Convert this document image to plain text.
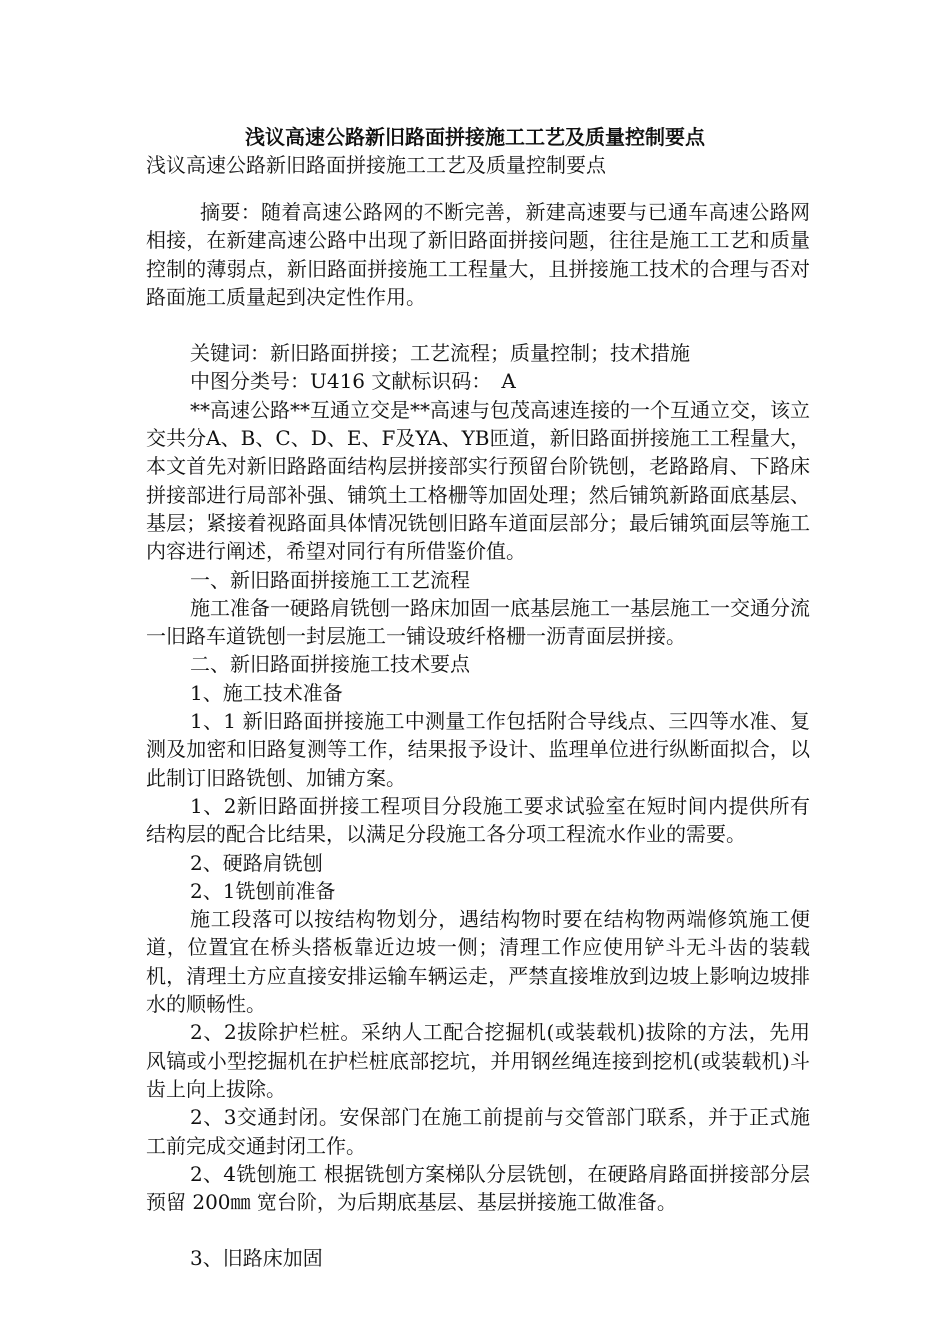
浅议高速公路新旧路面拼接施工工艺及质量控制要点
浅议高速公路新旧路面拼接施工工艺及质量控制要点

摘要：随着高速公路网的不断完善，新建高速要与已通车高速公路网相接，在新建高速公路中出现了新旧路面拼接问题，往往是施工工艺和质量控制的薄弱点，新旧路面拼接施工工程量大，且拼接施工技术的合理与否对路面施工质量起到决定性作用。

关键词：新旧路面拼接；工艺流程；质量控制；技术措施

中图分类号：U416 文献标识码：　A

**高速公路**互通立交是**高速与包茂高速连接的一个互通立交，该立交共分A、B、C、D、E、F及YA、YB匝道，新旧路面拼接施工工程量大，本文首先对新旧路路面结构层拼接部实行预留台阶铣刨，老路路肩、下路床拼接部进行局部补强、铺筑土工格栅等加固处理；然后铺筑新路面底基层、基层；紧接着视路面具体情况铣刨旧路车道面层部分；最后铺筑面层等施工内容进行阐述，希望对同行有所借鉴价值。

一、新旧路面拼接施工工艺流程

施工准备一硬路肩铣刨一路床加固一底基层施工一基层施工一交通分流一旧路车道铣刨一封层施工一铺设玻纤格栅一沥青面层拼接。

二、新旧路面拼接施工技术要点

1、施工技术准备

1、1 新旧路面拼接施工中测量工作包括附合导线点、三四等水准、复测及加密和旧路复测等工作，结果报予设计、监理单位进行纵断面拟合，以此制订旧路铣刨、加铺方案。

1、2新旧路面拼接工程项目分段施工要求试验室在短时间内提供所有结构层的配合比结果，以满足分段施工各分项工程流水作业的需要。

2、硬路肩铣刨

2、1铣刨前准备

施工段落可以按结构物划分，遇结构物时要在结构物两端修筑施工便道，位置宜在桥头搭板靠近边坡一侧；清理工作应使用铲斗无斗齿的装载机，清理土方应直接安排运输车辆运走，严禁直接堆放到边坡上影响边坡排水的顺畅性。

2、2拔除护栏桩。采纳人工配合挖掘机(或装载机)拔除的方法，先用风镐或小型挖掘机在护栏桩底部挖坑，并用钢丝绳连接到挖机(或装载机)斗齿上向上拔除。

2、3交通封闭。安保部门在施工前提前与交管部门联系，并于正式施工前完成交通封闭工作。

2、4铣刨施工 根据铣刨方案梯队分层铣刨，在硬路肩路面拼接部分层预留 200㎜ 宽台阶，为后期底基层、基层拼接施工做准备。

3、旧路床加固
